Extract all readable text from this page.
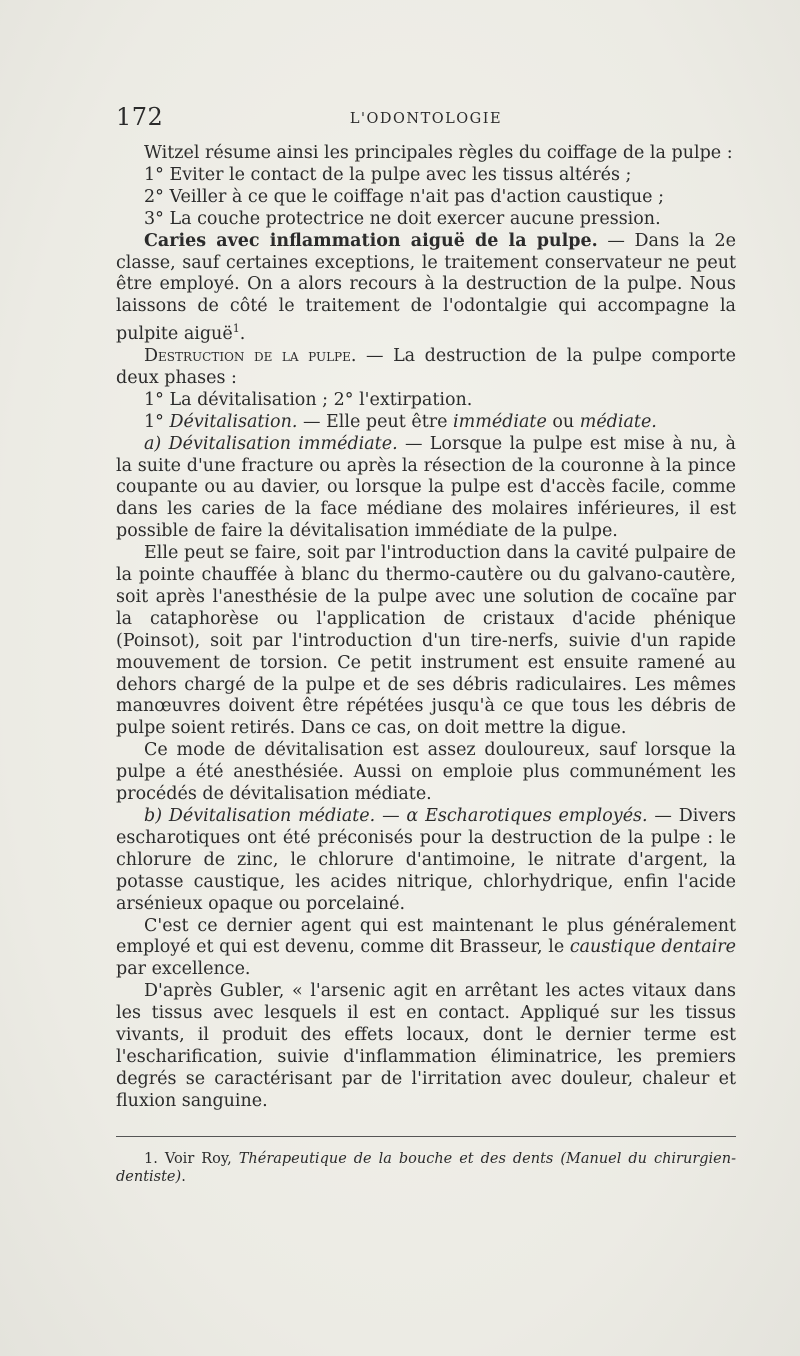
172	L'ODONTOLOGIE

Witzel résume ainsi les principales règles du coiffage de la pulpe :

1° Eviter le contact de la pulpe avec les tissus altérés ;

2° Veiller à ce que le coiffage n'ait pas d'action caustique ;

3° La couche protectrice ne doit exercer aucune pression.

Caries avec inflammation aiguë de la pulpe. — Dans la 2e classe, sauf certaines exceptions, le traitement conservateur ne peut être employé. On a alors recours à la destruction de la pulpe. Nous laissons de côté le traitement de l'odontalgie qui accompagne la pulpite aiguë$^1$.

Destruction de la pulpe. — La destruction de la pulpe comporte deux phases :

1° La dévitalisation ; 2° l'extirpation.

1° Dévitalisation. — Elle peut être immédiate ou médiate.

a) Dévitalisation immédiate. — Lorsque la pulpe est mise à nu, à la suite d'une fracture ou après la résection de la couronne à la pince coupante ou au davier, ou lorsque la pulpe est d'accès facile, comme dans les caries de la face médiane des molaires inférieures, il est possible de faire la dévitalisation immédiate de la pulpe.

Elle peut se faire, soit par l'introduction dans la cavité pulpaire de la pointe chauffée à blanc du thermo-cautère ou du galvano-cautère, soit après l'anesthésie de la pulpe avec une solution de cocaïne par la cataphorèse ou l'application de cristaux d'acide phénique (Poinsot), soit par l'introduction d'un tire-nerfs, suivie d'un rapide mouvement de torsion. Ce petit instrument est ensuite ramené au dehors chargé de la pulpe et de ses débris radiculaires. Les mêmes manœuvres doivent être répétées jusqu'à ce que tous les débris de pulpe soient retirés. Dans ce cas, on doit mettre la digue.

Ce mode de dévitalisation est assez douloureux, sauf lorsque la pulpe a été anesthésiée. Aussi on emploie plus communément les procédés de dévitalisation médiate.

b) Dévitalisation médiate. — α Escharotiques employés. — Divers escharotiques ont été préconisés pour la destruction de la pulpe : le chlorure de zinc, le chlorure d'antimoine, le nitrate d'argent, la potasse caustique, les acides nitrique, chlorhydrique, enfin l'acide arsénieux opaque ou porcelainé.

C'est ce dernier agent qui est maintenant le plus généralement employé et qui est devenu, comme dit Brasseur, le caustique dentaire par excellence.

D'après Gubler, « l'arsenic agit en arrêtant les actes vitaux dans les tissus avec lesquels il est en contact. Appliqué sur les tissus vivants, il produit des effets locaux, dont le dernier terme est l'escharification, suivie d'inflammation éliminatrice, les premiers degrés se caractérisant par de l'irritation avec douleur, chaleur et fluxion sanguine.

1. Voir Roy, Thérapeutique de la bouche et des dents (Manuel du chirurgien-dentiste).
